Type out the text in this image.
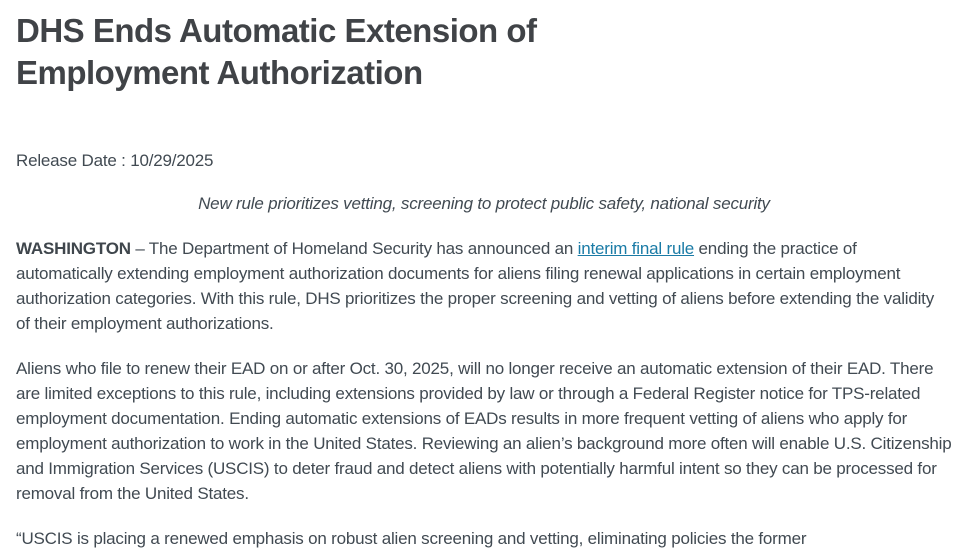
DHS Ends Automatic Extension of
Employment Authorization
Release Date : 10/29/2025
New rule prioritizes vetting, screening to protect public safety, national security

WASHINGTON – The Department of Homeland Security has announced an interim final rule ending the practice of automatically extending employment authorization documents for aliens filing renewal applications in certain employment authorization categories. With this rule, DHS prioritizes the proper screening and vetting of aliens before extending the validity of their employment authorizations.

Aliens who file to renew their EAD on or after Oct. 30, 2025, will no longer receive an automatic extension of their EAD. There are limited exceptions to this rule, including extensions provided by law or through a Federal Register notice for TPS-related employment documentation. Ending automatic extensions of EADs results in more frequent vetting of aliens who apply for employment authorization to work in the United States. Reviewing an alien’s background more often will enable U.S. Citizenship and Immigration Services (USCIS) to deter fraud and detect aliens with potentially harmful intent so they can be processed for removal from the United States.

“USCIS is placing a renewed emphasis on robust alien screening and vetting, eliminating policies the former
